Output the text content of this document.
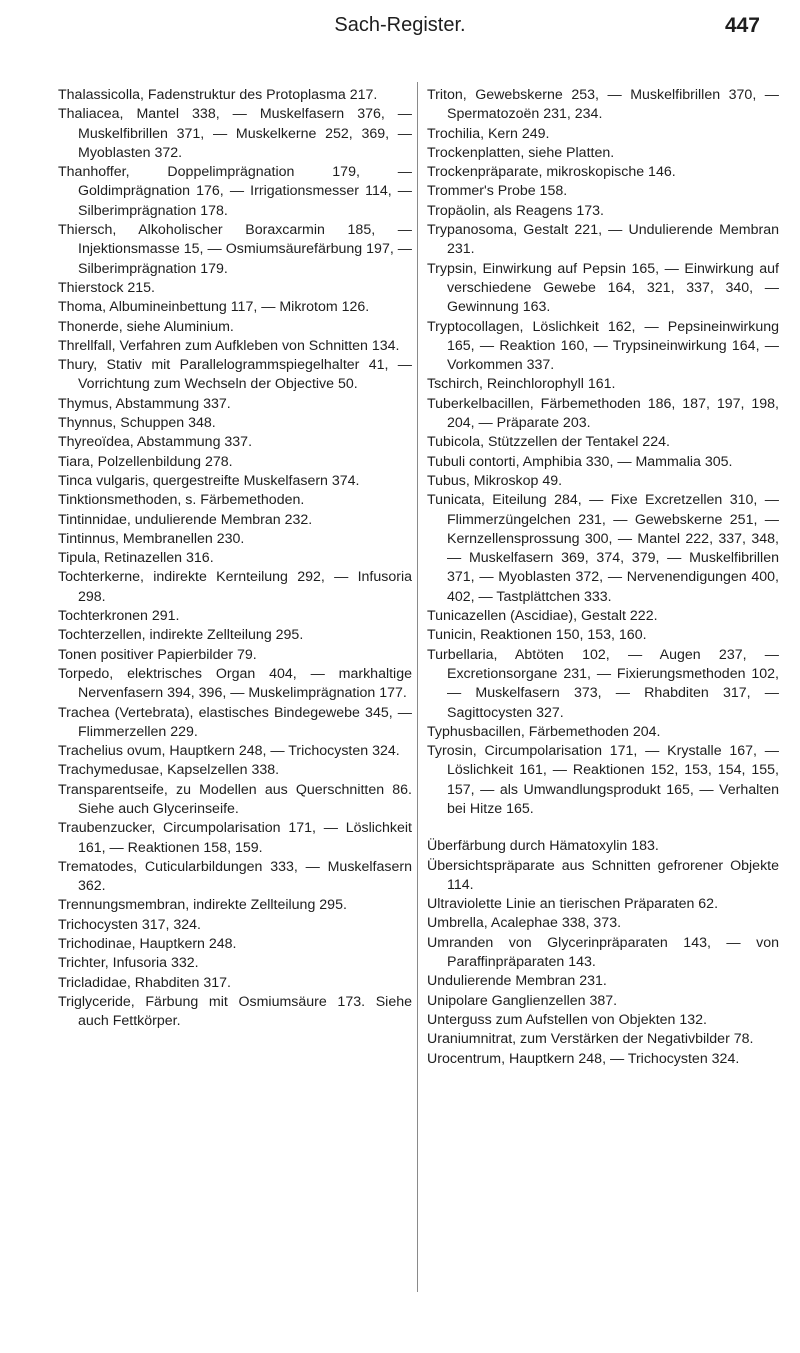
Sach-Register.	447
Thalassicolla, Fadenstruktur des Protoplasma 217.
Thaliacea, Mantel 338, — Muskelfasern 376, — Muskelfibrillen 371, — Muskelkerne 252, 369, — Myoblasten 372.
Thanhoffer, Doppelimprägnation 179, — Goldimprägnation 176, — Irrigationsmesser 114, — Silberimprägnation 178.
Thiersch, Alkoholischer Boraxcarmin 185, — Injektionsmasse 15, — Osmiumsäurefärbung 197, — Silberimprägnation 179.
Thierstock 215.
Thoma, Albumineinbettung 117, — Mikrotom 126.
Thonerde, siehe Aluminium.
Threllfall, Verfahren zum Aufkleben von Schnitten 134.
Thury, Stativ mit Parallelogrammspiegelhalter 41, — Vorrichtung zum Wechseln der Objective 50.
Thymus, Abstammung 337.
Thynnus, Schuppen 348.
Thyreoïdea, Abstammung 337.
Tiara, Polzellenbildung 278.
Tinca vulgaris, quergestreifte Muskelfasern 374.
Tinktionsmethoden, s. Färbemethoden.
Tintinnidae, undulierende Membran 232.
Tintinnus, Membranellen 230.
Tipula, Retinazellen 316.
Tochterkerne, indirekte Kernteilung 292, — Infusoria 298.
Tochterkronen 291.
Tochterzellen, indirekte Zellteilung 295.
Tonen positiver Papierbilder 79.
Torpedo, elektrisches Organ 404, — markhaltige Nervenfasern 394, 396, — Muskelimprägnation 177.
Trachea (Vertebrata), elastisches Bindegewebe 345, — Flimmerzellen 229.
Trachelius ovum, Hauptkern 248, — Trichocysten 324.
Trachymedusae, Kapselzellen 338.
Transparentseife, zu Modellen aus Querschnitten 86. Siehe auch Glycerinseife.
Traubenzucker, Circumpolarisation 171, — Löslichkeit 161, — Reaktionen 158, 159.
Trematodes, Cuticularbildungen 333, — Muskelfasern 362.
Trennungsmembran, indirekte Zellteilung 295.
Trichocysten 317, 324.
Trichodinae, Hauptkern 248.
Trichter, Infusoria 332.
Tricladidae, Rhabditen 317.
Triglyceride, Färbung mit Osmiumsäure 173. Siehe auch Fettkörper.
Triton, Gewebskerne 253, — Muskelfibrillen 370, — Spermatozoën 231, 234.
Trochilia, Kern 249.
Trockenplatten, siehe Platten.
Trockenpräparate, mikroskopische 146.
Trommer's Probe 158.
Tropäolin, als Reagens 173.
Trypanosoma, Gestalt 221, — Undulierende Membran 231.
Trypsin, Einwirkung auf Pepsin 165, — Einwirkung auf verschiedene Gewebe 164, 321, 337, 340, — Gewinnung 163.
Tryptocollagen, Löslichkeit 162, — Pepsineinwirkung 165, — Reaktion 160, — Trypsineinwirkung 164, — Vorkommen 337.
Tschirch, Reinchlorophyll 161.
Tuberkelbacillen, Färbemethoden 186, 187, 197, 198, 204, — Präparate 203.
Tubicola, Stützzellen der Tentakel 224.
Tubuli contorti, Amphibia 330, — Mammalia 305.
Tubus, Mikroskop 49.
Tunicata, Eiteilung 284, — Fixe Excretzellen 310, — Flimmerzüngelchen 231, — Gewebskerne 251, — Kernzellensprossung 300, — Mantel 222, 337, 348, — Muskelfasern 369, 374, 379, — Muskelfibrillen 371, — Myoblasten 372, — Nervenendigungen 400, 402, — Tastplättchen 333.
Tunicazellen (Ascidiae), Gestalt 222.
Tunicin, Reaktionen 150, 153, 160.
Turbellaria, Abtöten 102, — Augen 237, — Excretionsorgane 231, — Fixierungsmethoden 102, — Muskelfasern 373, — Rhabditen 317, — Sagittocysten 327.
Typhusbacillen, Färbemethoden 204.
Tyrosin, Circumpolarisation 171, — Krystalle 167, — Löslichkeit 161, — Reaktionen 152, 153, 154, 155, 157, — als Umwandlungsprodukt 165, — Verhalten bei Hitze 165.
Überfärbung durch Hämatoxylin 183.
Übersichtspräparate aus Schnitten gefrorener Objekte 114.
Ultraviolette Linie an tierischen Präparaten 62.
Umbrella, Acalephae 338, 373.
Umranden von Glycerinpräparaten 143, — von Paraffinpräparaten 143.
Undulierende Membran 231.
Unipolare Ganglienzellen 387.
Unterguss zum Aufstellen von Objekten 132.
Uraniumnitrat, zum Verstärken der Negativbilder 78.
Urocentrum, Hauptkern 248, — Trichocysten 324.
